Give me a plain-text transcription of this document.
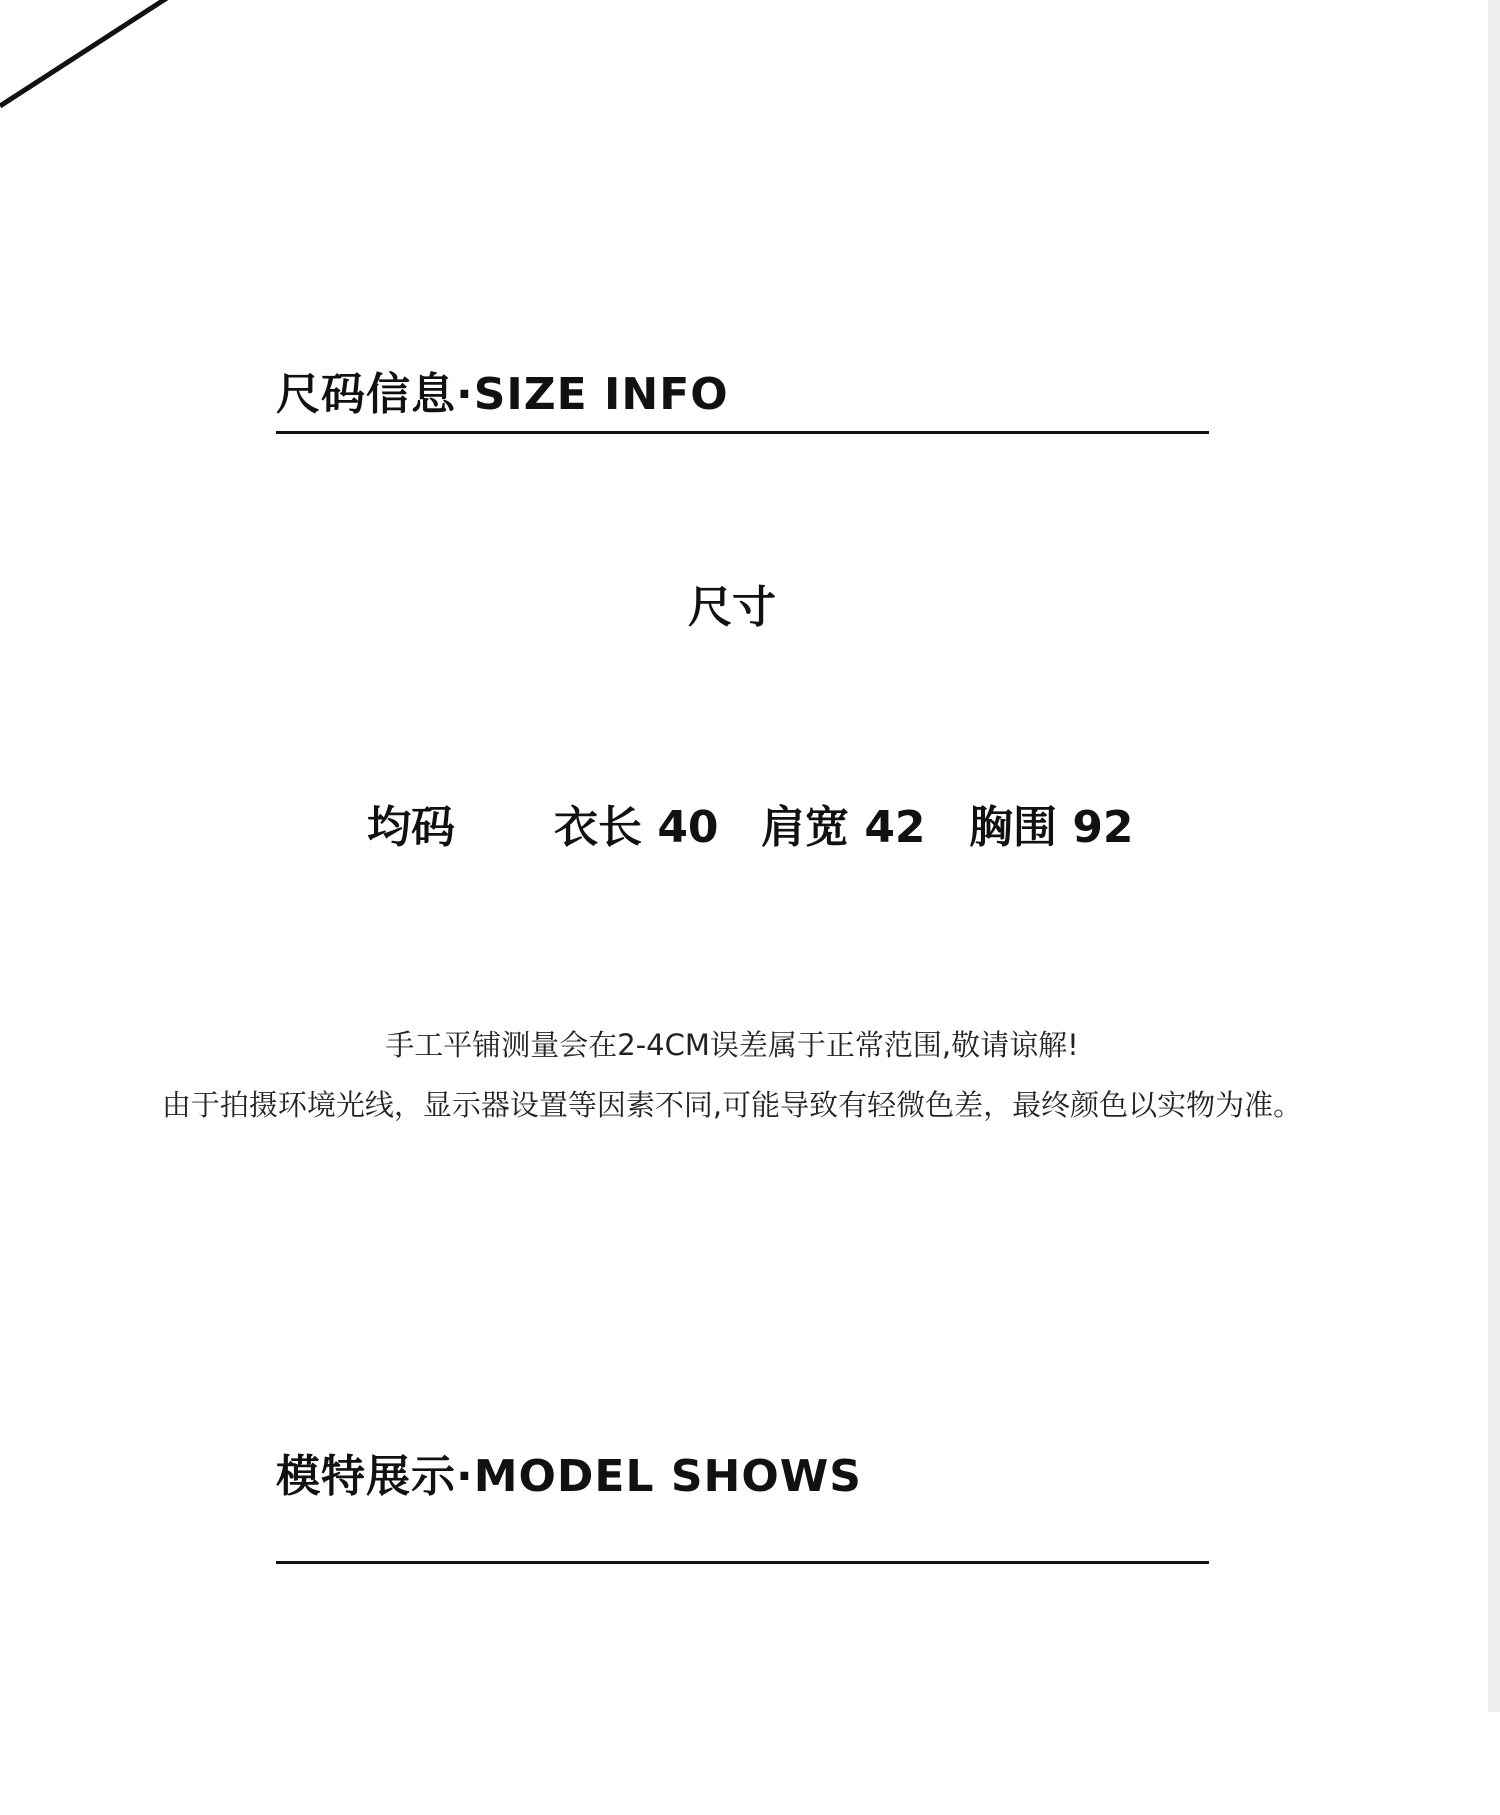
尺码信息·SIZE INFO
尺寸
均码 衣长 40 肩宽 42 胸围 92
手工平铺测量会在2-4CM误差属于正常范围,敬请谅解!
由于拍摄环境光线，显示器设置等因素不同,可能导致有轻微色差，最终颜色以实物为准。
模特展示·MODEL SHOWS
